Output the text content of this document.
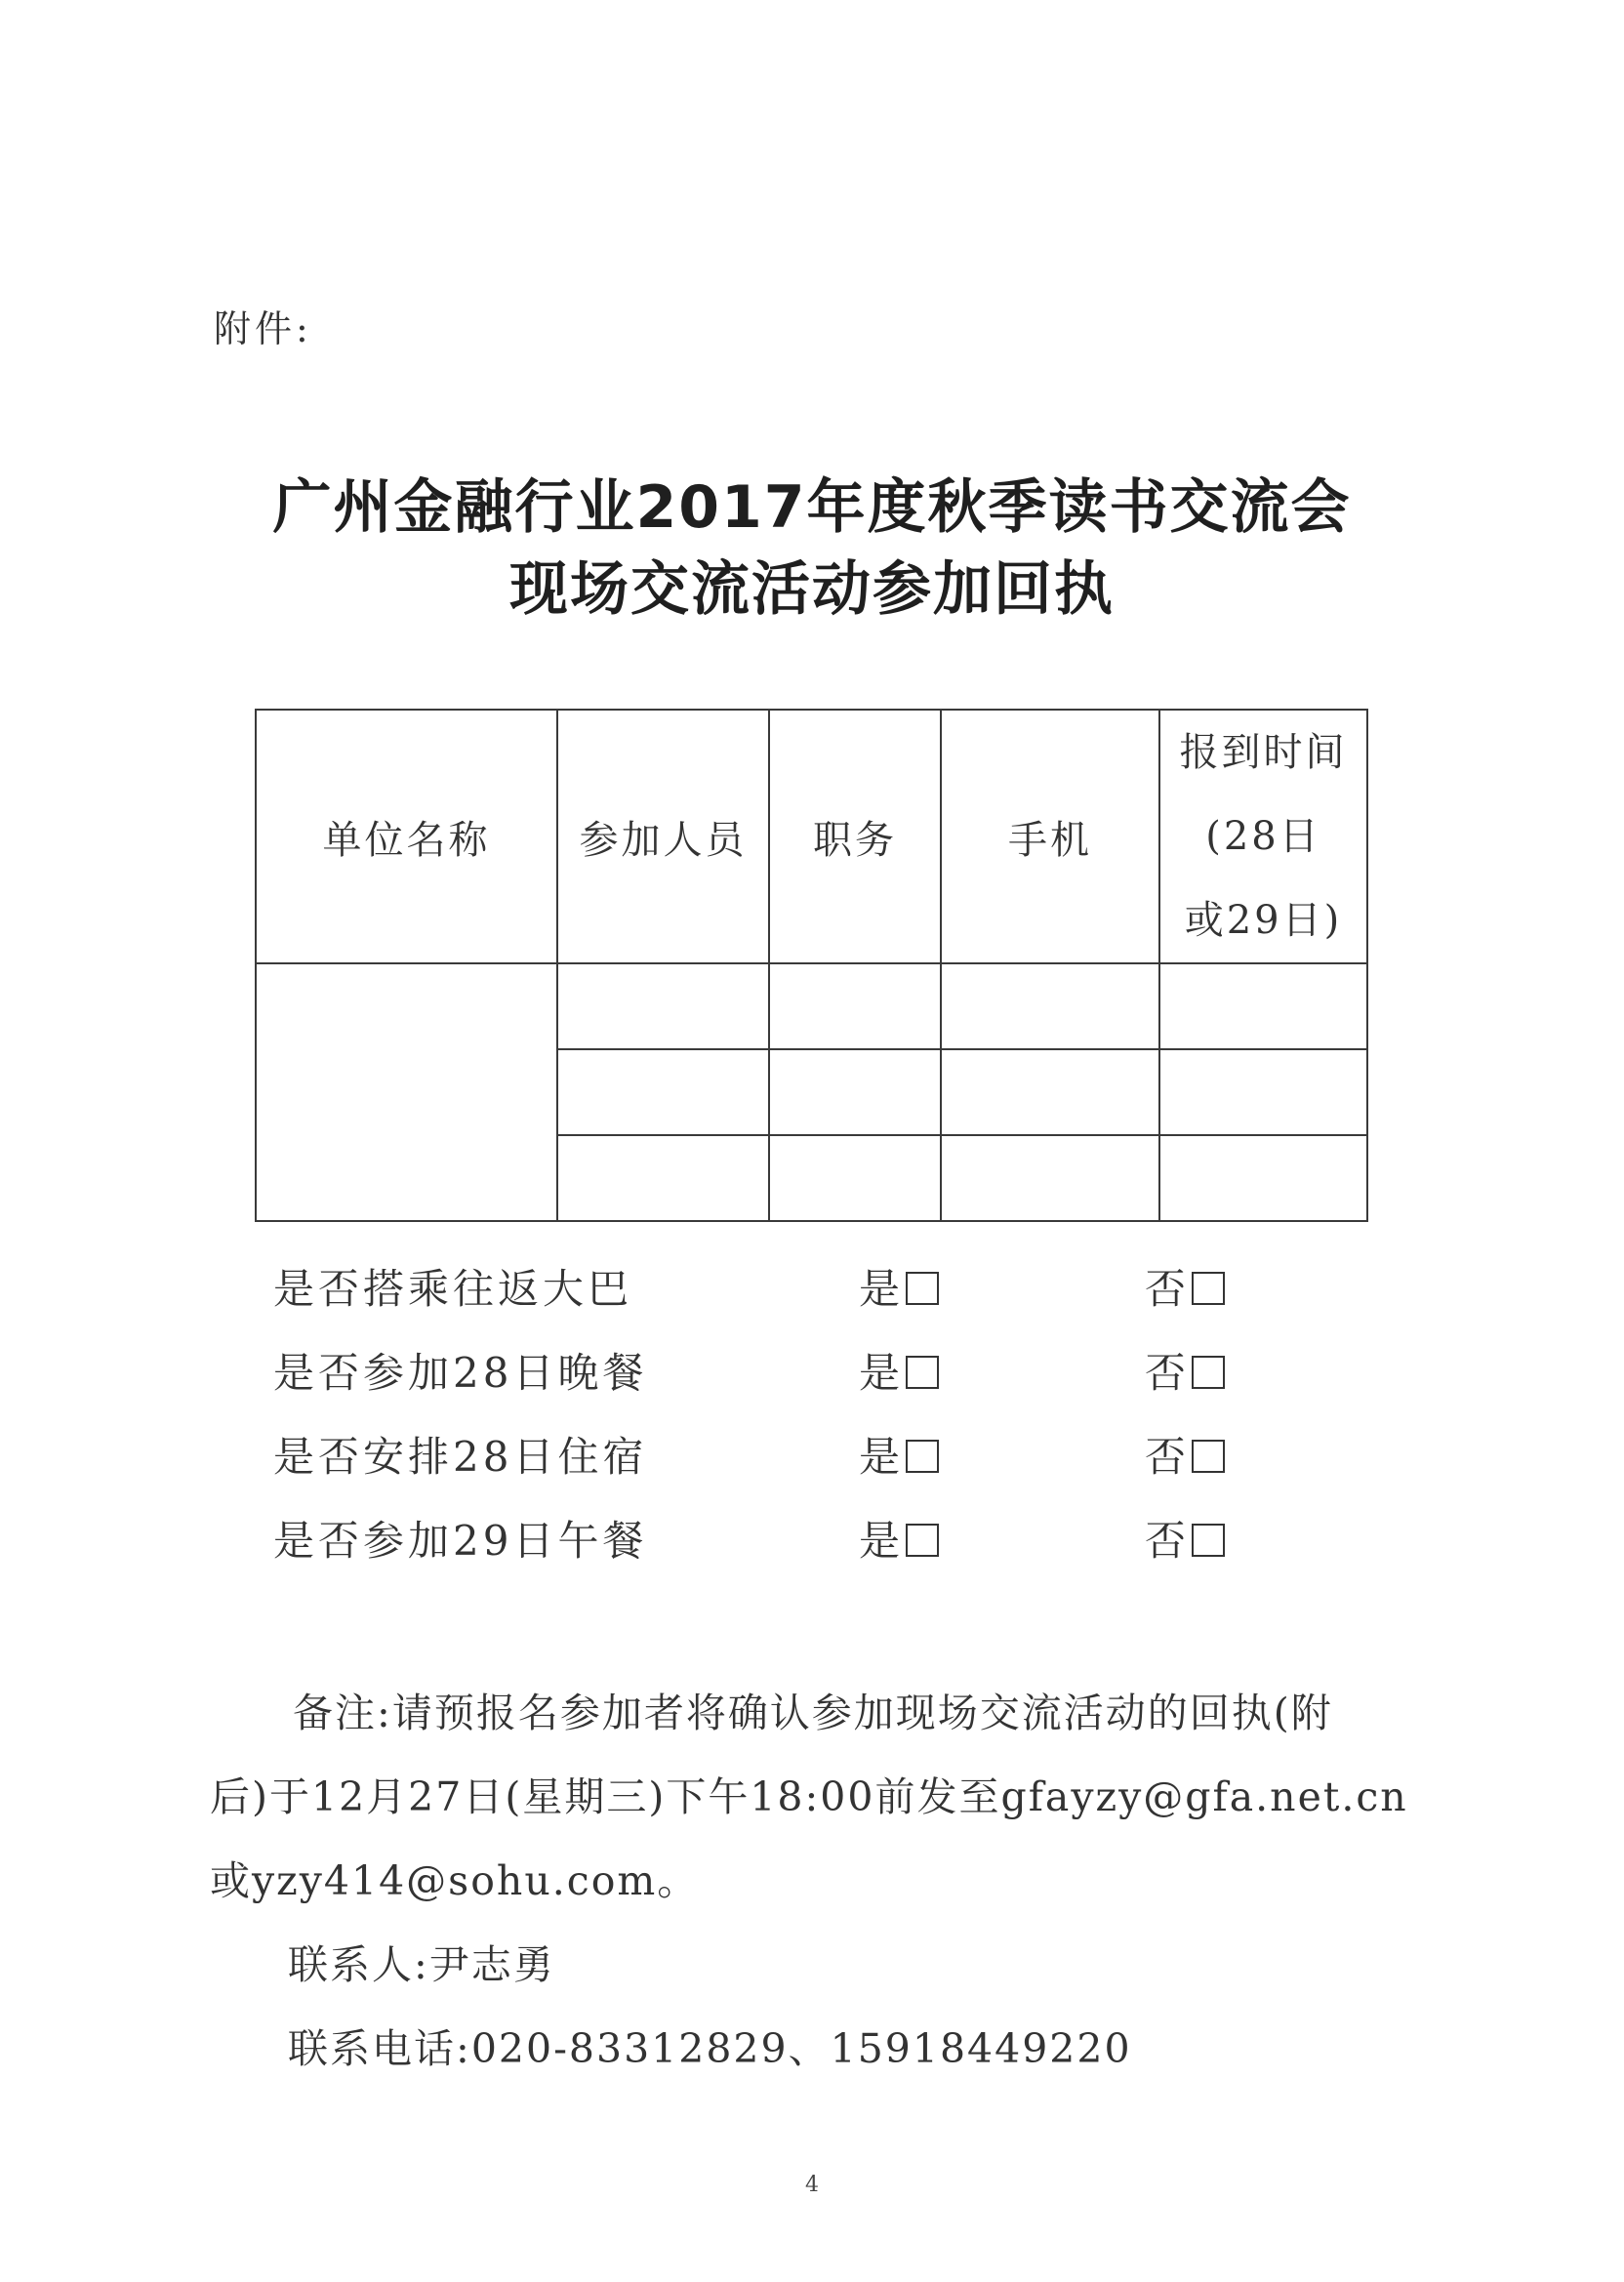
附件:
广州金融行业2017年度秋季读书交流会
现场交流活动参加回执
单位名称	参加人员	职务	手机	报到时间
(28日
或29日)

是否搭乘往返大巴	是	否
是否参加28日晚餐	是	否
是否安排28日住宿	是	否
是否参加29日午餐	是	否
备注:请预报名参加者将确认参加现场交流活动的回执(附
后)于12月27日(星期三)下午18:00前发至gfayzy@gfa.net.cn
或yzy414@sohu.com。
联系人:尹志勇
联系电话:020-83312829、15918449220
4
